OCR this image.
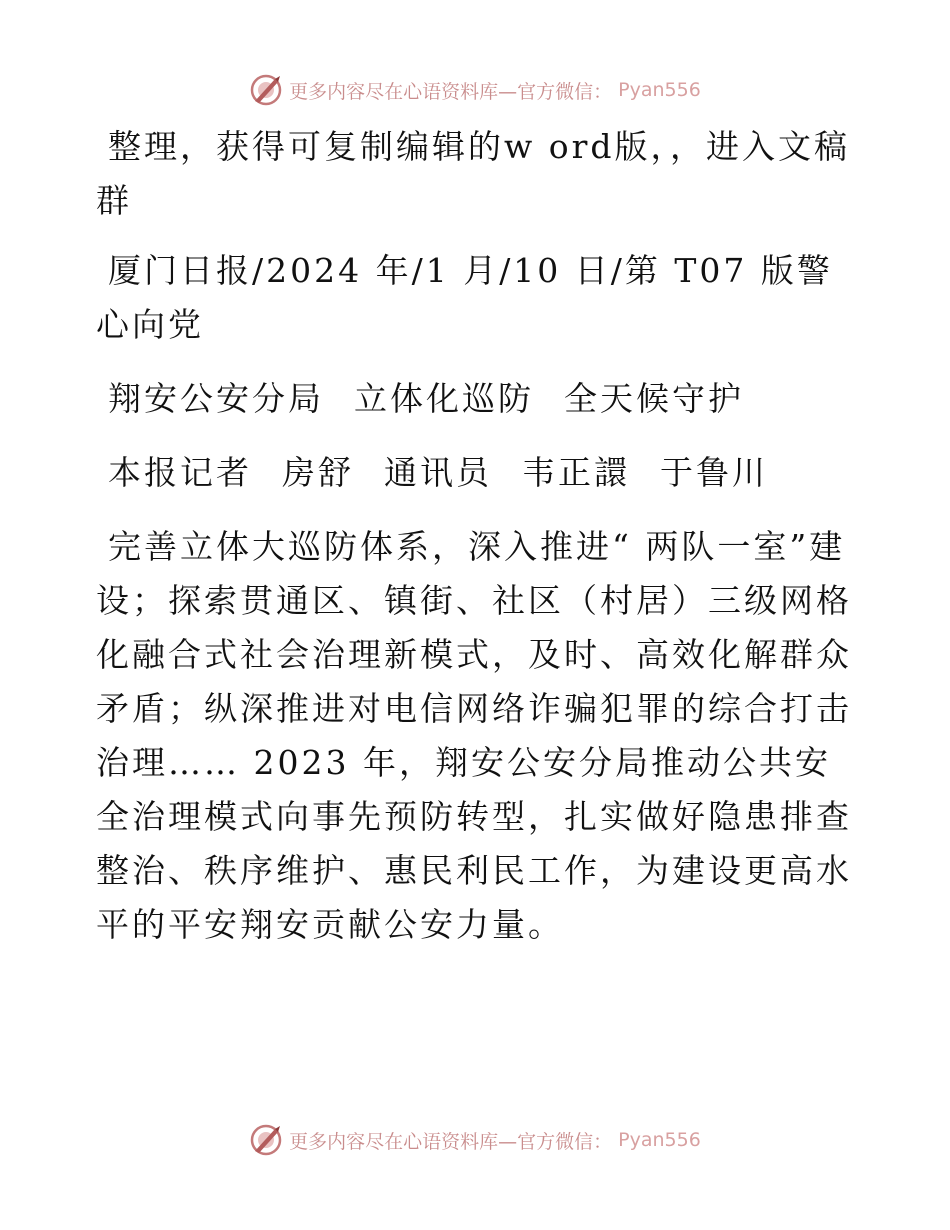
更多内容尽在心语资料库—官方微信： Pyan556

整理，获得可复制编辑的w ord版，，进入文稿群

厦门日报/2024 年/1 月/10 日/第 T07 版警心向党

翔安公安分局 立体化巡防 全天候守护

本报记者 房舒 通讯员 韦正譞 于鲁川

完善立体大巡防体系，深入推进“ 两队一室”建设；探索贯通区、镇街、社区（村居）三级网格化融合式社会治理新模式，及时、高效化解群众矛盾；纵深推进对电信网络诈骗犯罪的综合打击治理…… 2023 年，翔安公安分局推动公共安全治理模式向事先预防转型，扎实做好隐患排查整治、秩序维护、惠民利民工作，为建设更高水平的平安翔安贡献公安力量。

更多内容尽在心语资料库—官方微信： Pyan556
